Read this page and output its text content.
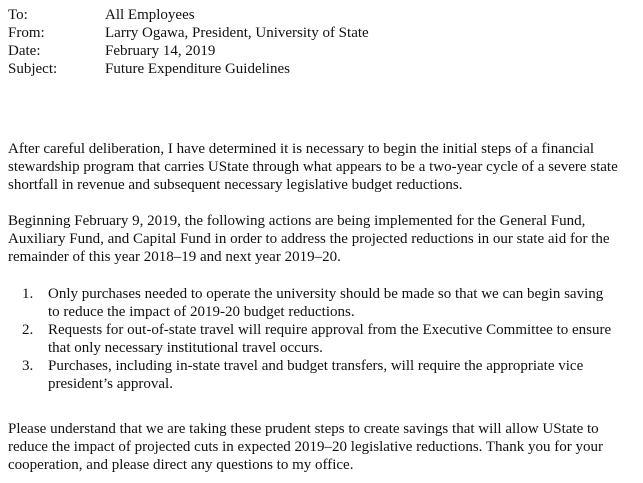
To:	All Employees
From:	Larry Ogawa, President, University of State
Date:	February 14, 2019
Subject:	Future Expenditure Guidelines

After careful deliberation, I have determined it is necessary to begin the initial steps of a financial stewardship program that carries UState through what appears to be a two-year cycle of a severe state shortfall in revenue and subsequent necessary legislative budget reductions.

Beginning February 9, 2019, the following actions are being implemented for the General Fund, Auxiliary Fund, and Capital Fund in order to address the projected reductions in our state aid for the remainder of this year 2018–19 and next year 2019–20.

1. Only purchases needed to operate the university should be made so that we can begin saving to reduce the impact of 2019-20 budget reductions.
2. Requests for out-of-state travel will require approval from the Executive Committee to ensure that only necessary institutional travel occurs.
3. Purchases, including in-state travel and budget transfers, will require the appropriate vice president’s approval.

Please understand that we are taking these prudent steps to create savings that will allow UState to reduce the impact of projected cuts in expected 2019–20 legislative reductions. Thank you for your cooperation, and please direct any questions to my office.
